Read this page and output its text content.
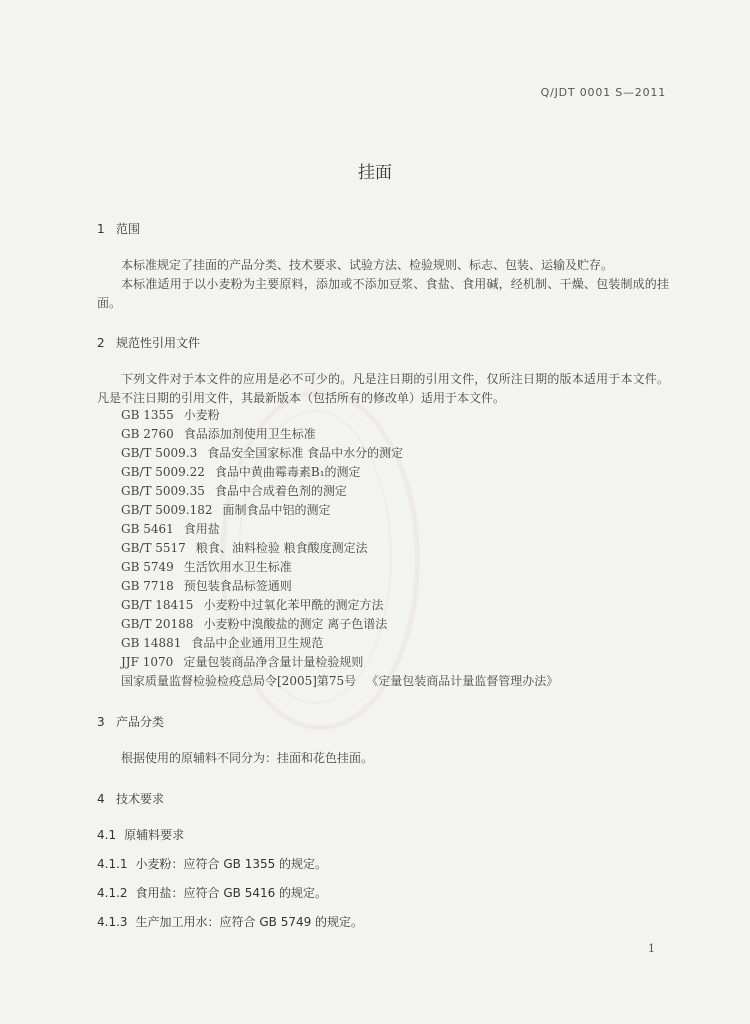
Q/JDT 0001 S—2011
挂面
1 范围

本标准规定了挂面的产品分类、技术要求、试验方法、检验规则、标志、包装、运输及贮存。

本标准适用于以小麦粉为主要原料，添加或不添加豆浆、食盐、食用碱，经机制、干燥、包装制成的挂面。

2 规范性引用文件

下列文件对于本文件的应用是必不可少的。凡是注日期的引用文件，仅所注日期的版本适用于本文件。凡是不注日期的引用文件，其最新版本（包括所有的修改单）适用于本文件。

GB 1355 小麦粉
GB 2760 食品添加剂使用卫生标准
GB/T 5009.3 食品安全国家标准 食品中水分的测定
GB/T 5009.22 食品中黄曲霉毒素B₁的测定
GB/T 5009.35 食品中合成着色剂的测定
GB/T 5009.182 面制食品中铝的测定
GB 5461 食用盐
GB/T 5517 粮食、油料检验 粮食酸度测定法
GB 5749 生活饮用水卫生标准
GB 7718 预包装食品标签通则
GB/T 18415 小麦粉中过氧化苯甲酰的测定方法
GB/T 20188 小麦粉中溴酸盐的测定 离子色谱法
GB 14881 食品中企业通用卫生规范
JJF 1070 定量包装商品净含量计量检验规则
国家质量监督检验检疫总局令[2005]第75号 《定量包装商品计量监督管理办法》
3 产品分类

根据使用的原辅料不同分为：挂面和花色挂面。

4 技术要求
4.1 原辅料要求
4.1.1 小麦粉：应符合 GB 1355 的规定。
4.1.2 食用盐：应符合 GB 5416 的规定。
4.1.3 生产加工用水：应符合 GB 5749 的规定。
1
